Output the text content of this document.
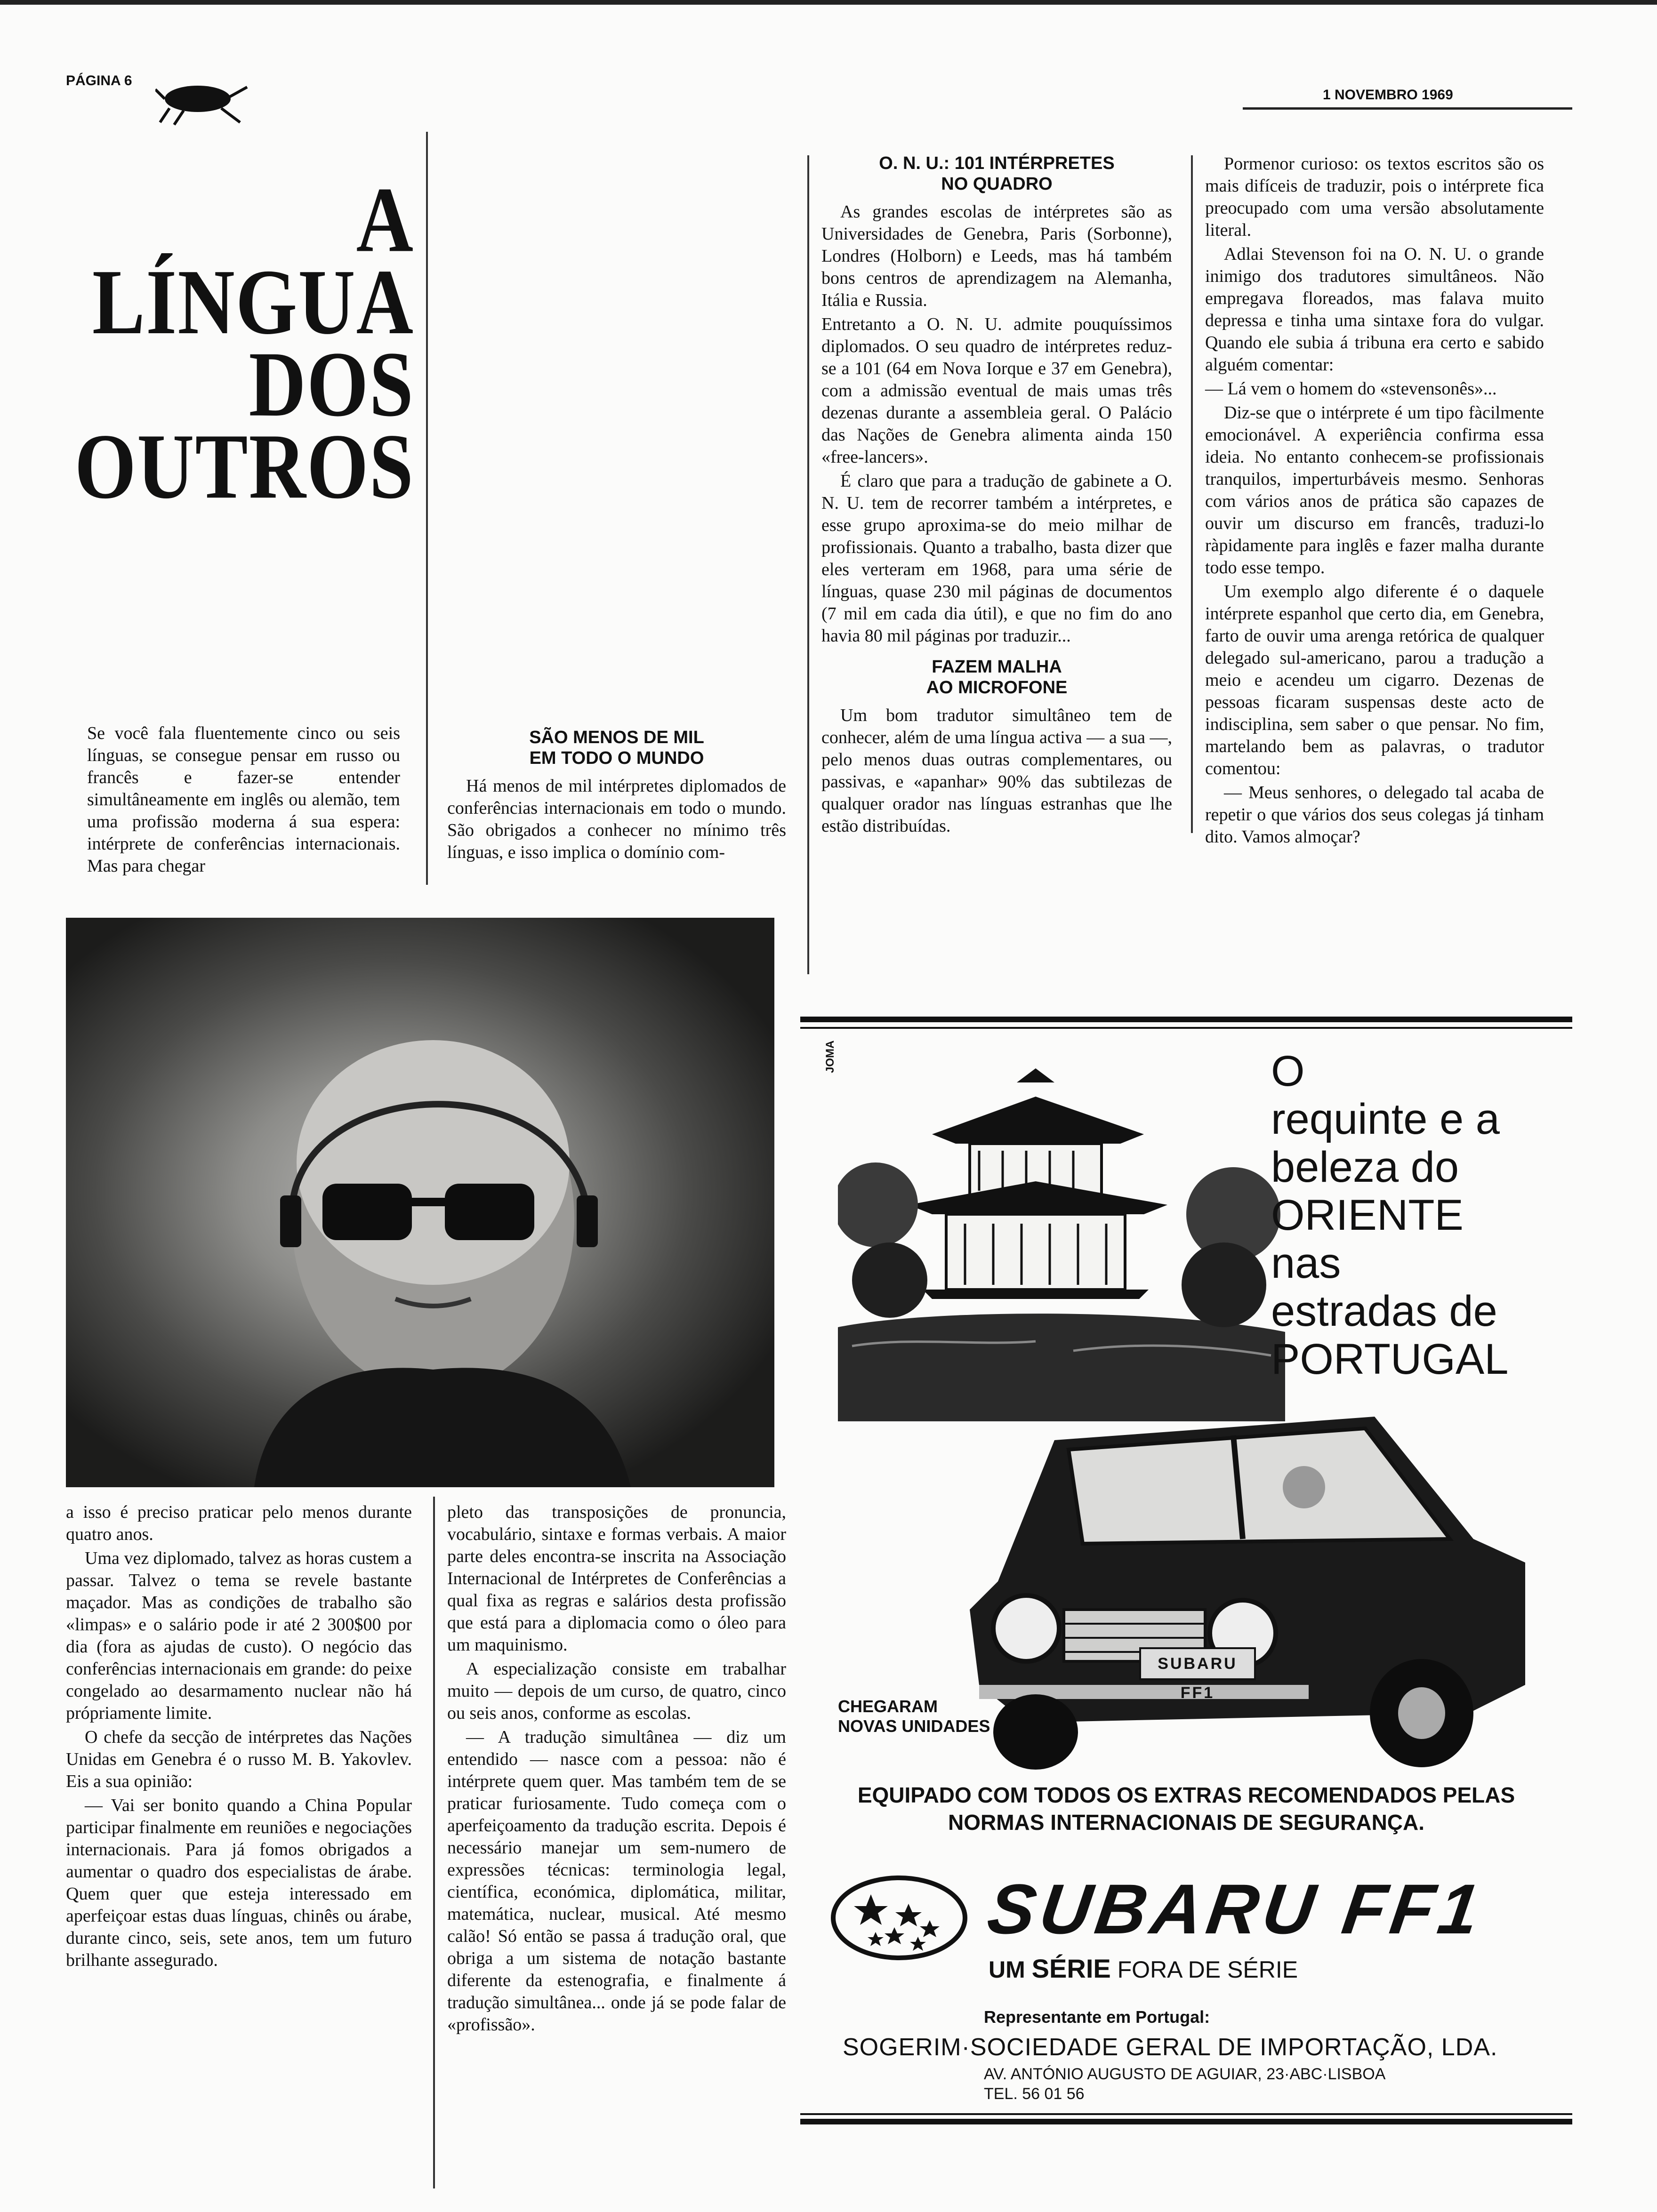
PÁGINA 6
1 NOVEMBRO 1969
A
LÍNGUA
DOS
OUTROS

Se você fala fluentemente cinco ou seis línguas, se consegue pensar em russo ou francês e fazer-se entender simultâneamente em inglês ou alemão, tem uma profissão moderna á sua espera: intérprete de conferências internacionais. Mas para chegar

SÃO MENOS DE MIL
EM TODO O MUNDO

Há menos de mil intérpretes diplomados de conferências internacionais em todo o mundo. São obrigados a conhecer no mínimo três línguas, e isso implica o domínio com-

a isso é preciso praticar pelo menos durante quatro anos.

Uma vez diplomado, talvez as horas custem a passar. Talvez o tema se revele bastante maçador. Mas as condições de trabalho são «limpas» e o salário pode ir até 2 300$00 por dia (fora as ajudas de custo). O negócio das conferências internacionais em grande: do peixe congelado ao desarmamento nuclear não há própriamente limite.

O chefe da secção de intérpretes das Nações Unidas em Genebra é o russo M. B. Yakovlev. Eis a sua opinião:

— Vai ser bonito quando a China Popular participar finalmente em reuniões e negociações internacionais. Para já fomos obrigados a aumentar o quadro dos especialistas de árabe. Quem quer que esteja interessado em aperfeiçoar estas duas línguas, chinês ou árabe, durante cinco, seis, sete anos, tem um futuro brilhante assegurado.

pleto das transposições de pronuncia, vocabulário, sintaxe e formas verbais. A maior parte deles encontra-se inscrita na Associação Internacional de Intérpretes de Conferências a qual fixa as regras e salários desta profissão que está para a diplomacia como o óleo para um maquinismo.

A especialização consiste em trabalhar muito — depois de um curso, de quatro, cinco ou seis anos, conforme as escolas.

— A tradução simultânea — diz um entendido — nasce com a pessoa: não é intérprete quem quer. Mas também tem de se praticar furiosamente. Tudo começa com o aperfeiçoamento da tradução escrita. Depois é necessário manejar um sem-numero de expressões técnicas: terminologia legal, científica, económica, diplomática, militar, matemática, nuclear, musical. Até mesmo calão! Só então se passa á tradução oral, que obriga a um sistema de notação bastante diferente da estenografia, e finalmente á tradução simultânea... onde já se pode falar de «profissão».

O. N. U.: 101 INTÉRPRETES
NO QUADRO

As grandes escolas de intérpretes são as Universidades de Genebra, Paris (Sorbonne), Londres (Holborn) e Leeds, mas há também bons centros de aprendizagem na Alemanha, Itália e Russia.

Entretanto a O. N. U. admite pouquíssimos diplomados. O seu quadro de intérpretes reduz-se a 101 (64 em Nova Iorque e 37 em Genebra), com a admissão eventual de mais umas três dezenas durante a assembleia geral. O Palácio das Nações de Genebra alimenta ainda 150 «free-lancers».

É claro que para a tradução de gabinete a O. N. U. tem de recorrer também a intérpretes, e esse grupo aproxima-se do meio milhar de profissionais. Quanto a trabalho, basta dizer que eles verteram em 1968, para uma série de línguas, quase 230 mil páginas de documentos (7 mil em cada dia útil), e que no fim do ano havia 80 mil páginas por traduzir...

FAZEM MALHA
AO MICROFONE

Um bom tradutor simultâneo tem de conhecer, além de uma língua activa — a sua —, pelo menos duas outras complementares, ou passivas, e «apanhar» 90% das subtilezas de qualquer orador nas línguas estranhas que lhe estão distribuídas.

Pormenor curioso: os textos escritos são os mais difíceis de traduzir, pois o intérprete fica preocupado com uma versão absolutamente literal.

Adlai Stevenson foi na O. N. U. o grande inimigo dos tradutores simultâneos. Não empregava floreados, mas falava muito depressa e tinha uma sintaxe fora do vulgar. Quando ele subia á tribuna era certo e sabido alguém comentar:

— Lá vem o homem do «stevensonês»...

Diz-se que o intérprete é um tipo fàcilmente emocionável. A experiência confirma essa ideia. No entanto conhecem-se profissionais tranquilos, imperturbáveis mesmo. Senhoras com vários anos de prática são capazes de ouvir um discurso em francês, traduzi-lo ràpidamente para inglês e fazer malha durante todo esse tempo.

Um exemplo algo diferente é o daquele intérprete espanhol que certo dia, em Genebra, farto de ouvir uma arenga retórica de qualquer delegado sul-americano, parou a tradução a meio e acendeu um cigarro. Dezenas de pessoas ficaram suspensas deste acto de indisciplina, sem saber o que pensar. No fim, martelando bem as palavras, o tradutor comentou:

— Meus senhores, o delegado tal acaba de repetir o que vários dos seus colegas já tinham dito. Vamos almoçar?

JOMA	O
requinte e a
beleza do
ORIENTE
nas
estradas de
PORTUGAL
SUBARU FF1
CHEGARAM
NOVAS UNIDADES
EQUIPADO COM TODOS OS EXTRAS RECOMENDADOS PELAS
NORMAS INTERNACIONAIS DE SEGURANÇA.
SUBARU FF1
UM SÉRIE FORA DE SÉRIE
Representante em Portugal:
SOGERIM·SOCIEDADE GERAL DE IMPORTAÇÃO, LDA.
AV. ANTÓNIO AUGUSTO DE AGUIAR, 23·ABC·LISBOA
TEL. 56 01 56
